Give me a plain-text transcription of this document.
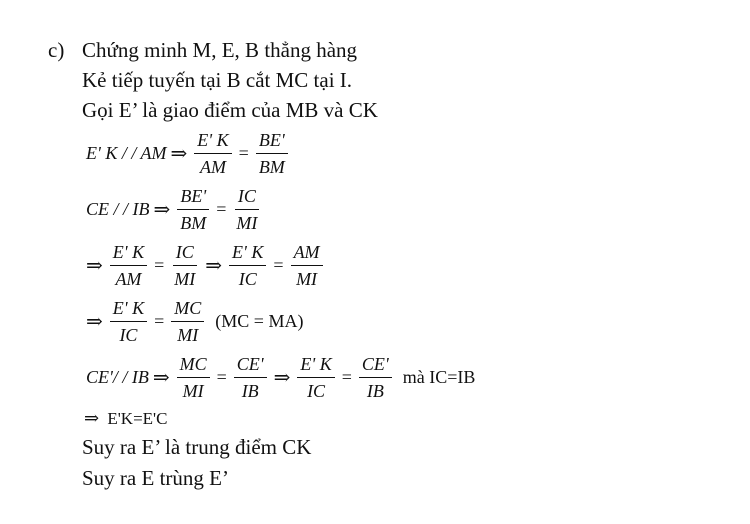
c) Chứng minh M, E, B thẳng hàng
Kẻ tiếp tuyến tại B cắt MC tại I.
Gọi E’ là giao điểm của MB và CK
E' K / / AM ⇒ $\frac{E' K}{AM} = \frac{BE'}{BM}$
CE / / IB ⇒ $\frac{BE'}{BM} = \frac{IC}{MI}$
⇒ $\frac{E' K}{AM} = \frac{IC}{MI}$ ⇒ $\frac{E' K}{IC} = \frac{AM}{MI}$
⇒ $\frac{E' K}{IC} = \frac{MC}{MI} (MC = MA)$
CE'/ / IB ⇒ $\frac{MC}{MI} = \frac{CE'}{IB}$ ⇒ $\frac{E' K}{IC} = \frac{CE'}{IB}$ mà IC=IB
⇒ E'K=E'C
Suy ra E’ là trung điểm CK
Suy ra E trùng E’
